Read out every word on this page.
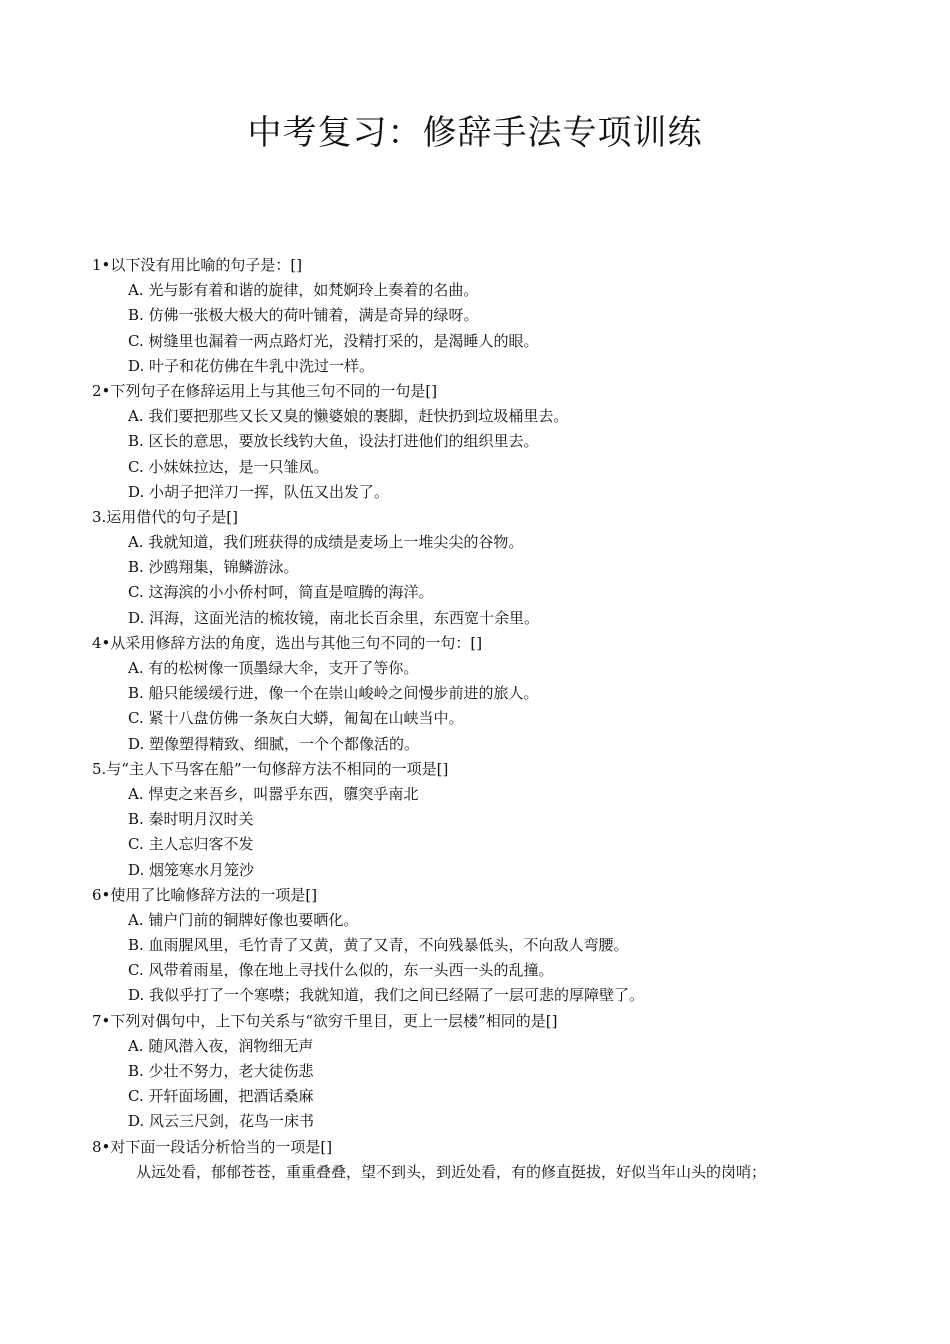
中考复习：修辞手法专项训练
1•以下没有用比喻的句子是：[]
A. 光与影有着和谐的旋律，如梵婀玲上奏着的名曲。
B. 仿佛一张极大极大的荷叶铺着，满是奇异的绿呀。
C. 树缝里也漏着一两点路灯光，没精打采的，是渴睡人的眼。
D. 叶子和花仿佛在牛乳中洗过一样。
2•下列句子在修辞运用上与其他三句不同的一句是[]
A. 我们要把那些又长又臭的懒婆娘的裹脚，赶快扔到垃圾桶里去。
B. 区长的意思，要放长线钓大鱼，设法打进他们的组织里去。
C. 小妹妹拉达，是一只雏凤。
D. 小胡子把洋刀一挥，队伍又出发了。
3.运用借代的句子是[]
A. 我就知道，我们班获得的成绩是麦场上一堆尖尖的谷物。
B. 沙鸥翔集，锦鳞游泳。
C. 这海滨的小小侨村呵，简直是喧腾的海洋。
D. 洱海，这面光洁的梳妆镜，南北长百余里，东西宽十余里。
4•从采用修辞方法的角度，选出与其他三句不同的一句：[]
A. 有的松树像一顶墨绿大伞，支开了等你。
B. 船只能缓缓行进，像一个在崇山峻岭之间慢步前进的旅人。
C. 紧十八盘仿佛一条灰白大蟒，匍匐在山峡当中。
D. 塑像塑得精致、细腻，一个个都像活的。
5.与“主人下马客在船”一句修辞方法不相同的一项是[]
A. 悍吏之来吾乡，叫嚣乎东西，隳突乎南北
B. 秦时明月汉时关
C. 主人忘归客不发
D. 烟笼寒水月笼沙
6•使用了比喻修辞方法的一项是[]
A. 铺户门前的铜牌好像也要晒化。
B. 血雨腥风里，毛竹青了又黄，黄了又青，不向残暴低头，不向敌人弯腰。
C. 风带着雨星，像在地上寻找什么似的，东一头西一头的乱撞。
D. 我似乎打了一个寒噤；我就知道，我们之间已经隔了一层可悲的厚障壁了。
7•下列对偶句中，上下句关系与“欲穷千里目，更上一层楼”相同的是[]
A. 随风潜入夜，润物细无声
B. 少壮不努力，老大徒伤悲
C. 开轩面场圃，把酒话桑麻
D. 风云三尺剑，花鸟一床书
8•对下面一段话分析恰当的一项是[]
从远处看，郁郁苍苍，重重叠叠，望不到头，到近处看，有的修直挺拔，好似当年山头的岗哨；
